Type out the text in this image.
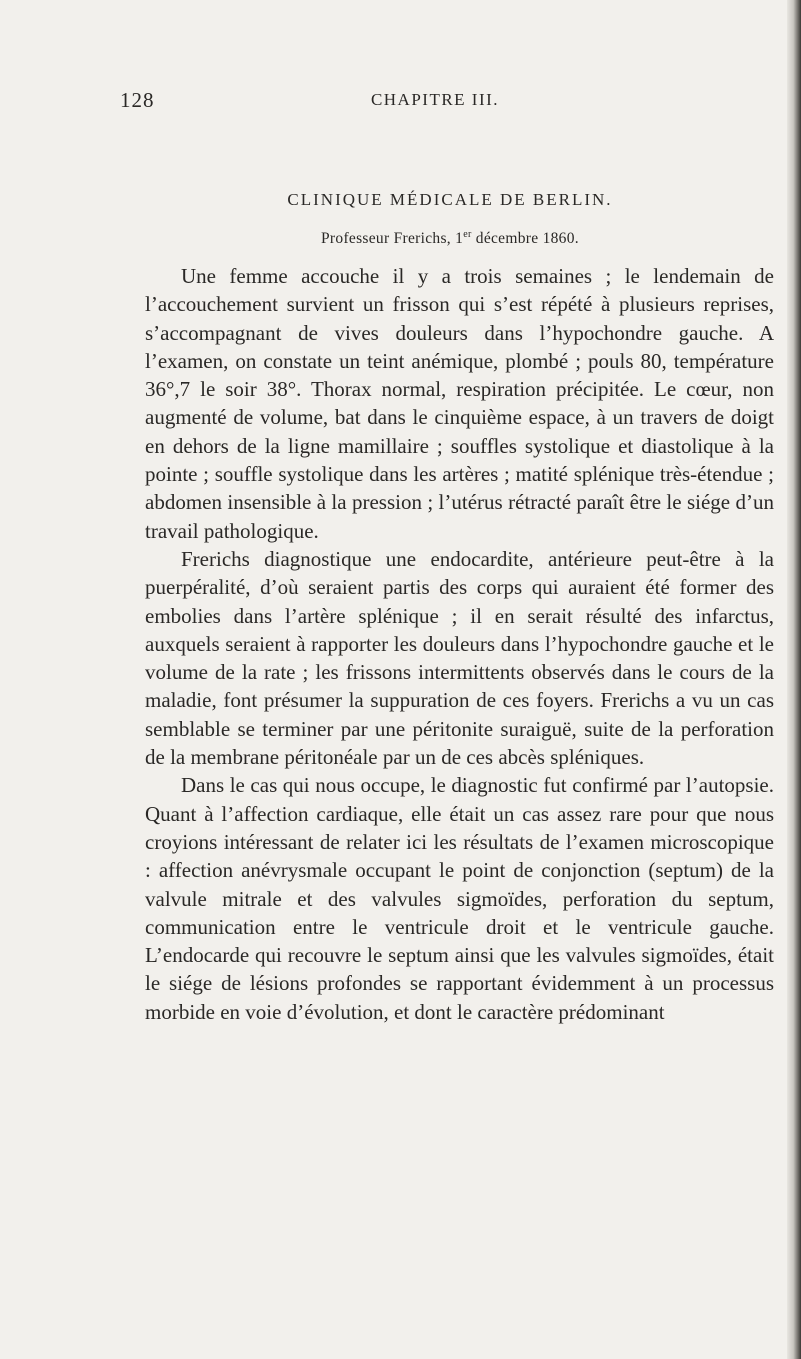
128	CHAPITRE III.
CLINIQUE MÉDICALE DE BERLIN.
Professeur Frerichs, 1er décembre 1860.

Une femme accouche il y a trois semaines ; le lendemain de l’accouchement survient un frisson qui s’est répété à plusieurs reprises, s’accompagnant de vives douleurs dans l’hypochondre gauche. A l’examen, on constate un teint anémique, plombé ; pouls 80, température 36°,7 le soir 38°. Thorax normal, respiration précipitée. Le cœur, non augmenté de volume, bat dans le cinquième espace, à un travers de doigt en dehors de la ligne mamillaire ; souffles systolique et diastolique à la pointe ; souffle systolique dans les artères ; matité splénique très-étendue ; abdomen insensible à la pression ; l’utérus rétracté paraît être le siége d’un travail pathologique.

Frerichs diagnostique une endocardite, antérieure peut-être à la puerpéralité, d’où seraient partis des corps qui auraient été former des embolies dans l’artère splénique ; il en serait résulté des infarctus, auxquels seraient à rapporter les douleurs dans l’hypochondre gauche et le volume de la rate ; les frissons intermittents observés dans le cours de la maladie, font présumer la suppuration de ces foyers. Frerichs a vu un cas semblable se terminer par une péritonite suraiguë, suite de la perforation de la membrane péritonéale par un de ces abcès spléniques.

Dans le cas qui nous occupe, le diagnostic fut confirmé par l’autopsie. Quant à l’affection cardiaque, elle était un cas assez rare pour que nous croyions intéressant de relater ici les résultats de l’examen microscopique : affection anévrysmale occupant le point de conjonction (septum) de la valvule mitrale et des valvules sigmoïdes, perforation du septum, communication entre le ventricule droit et le ventricule gauche. L’endocarde qui recouvre le septum ainsi que les valvules sigmoïdes, était le siége de lésions profondes se rapportant évidemment à un processus morbide en voie d’évolution, et dont le caractère prédominant
